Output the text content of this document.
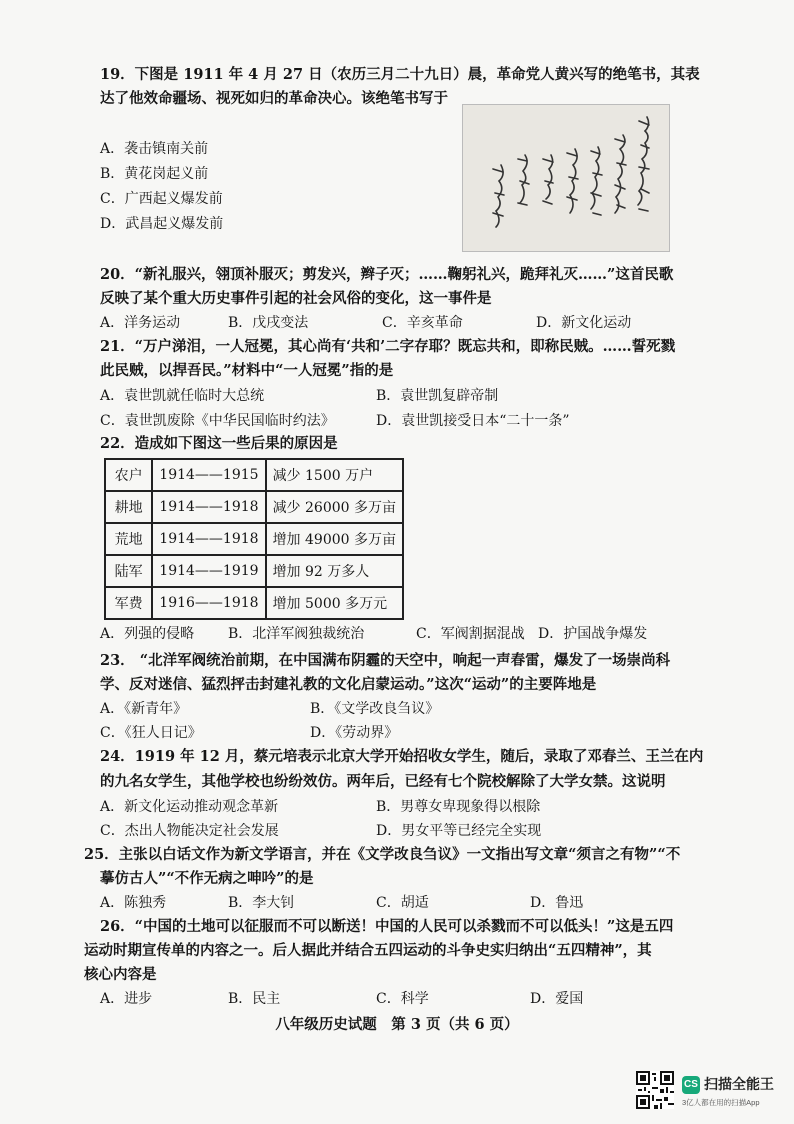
19．下图是 1911 年 4 月 27 日（农历三月二十九日）晨，革命党人黄兴写的绝笔书，其表
达了他效命疆场、视死如归的革命决心。该绝笔书写于
A．袭击镇南关前
B．黄花岗起义前
C．广西起义爆发前
D．武昌起义爆发前
20．“新礼服兴，翎顶补服灭；剪发兴，辫子灭；……鞠躬礼兴，跪拜礼灭……”这首民歌
反映了某个重大历史事件引起的社会风俗的变化，这一事件是
A．洋务运动	B．戊戌变法	C．辛亥革命	D．新文化运动
21．“万户涕泪，一人冠冕，其心尚有‘共和’二字存耶？既忘共和，即称民贼。……誓死戮
此民贼，以捍吾民。”材料中“一人冠冕”指的是
A．袁世凯就任临时大总统	B．袁世凯复辟帝制
C．袁世凯废除《中华民国临时约法》	D．袁世凯接受日本“二十一条”
22．造成如下图这一些后果的原因是
农户	1914——1915	减少 1500 万户
耕地	1914——1918	减少 26000 多万亩
荒地	1914——1918	增加 49000 多万亩
陆军	1914——1919	增加 92 万多人
军费	1916——1918	增加 5000 多万元
A．列强的侵略 B．北洋军阀独裁统治	C．军阀割据混战 D．护国战争爆发
23． “北洋军阀统治前期，在中国满布阴霾的天空中，响起一声春雷，爆发了一场崇尚科
学、反对迷信、猛烈抨击封建礼教的文化启蒙运动。”这次“运动”的主要阵地是
A．《新青年》	B．《文学改良刍议》
C．《狂人日记》	D．《劳动界》
24．1919 年 12 月，蔡元培表示北京大学开始招收女学生，随后，录取了邓春兰、王兰在内
的九名女学生，其他学校也纷纷效仿。两年后，已经有七个院校解除了大学女禁。这说明
A．新文化运动推动观念革新	B．男尊女卑现象得以根除
C．杰出人物能决定社会发展	D．男女平等已经完全实现
25．主张以白话文作为新文学语言，并在《文学改良刍议》一文指出写文章“须言之有物”“不
摹仿古人”“不作无病之呻吟”的是
A．陈独秀	B．李大钊	C．胡适	D．鲁迅
26．“中国的土地可以征服而不可以断送！中国的人民可以杀戮而不可以低头！”这是五四
运动时期宣传单的内容之一。后人据此并结合五四运动的斗争史实归纳出“五四精神”，其
核心内容是
A．进步	B．民主	C．科学	D．爱国
八年级历史试题　第 3 页（共 6 页）
CS 扫描全能王
3亿人都在用的扫描App
